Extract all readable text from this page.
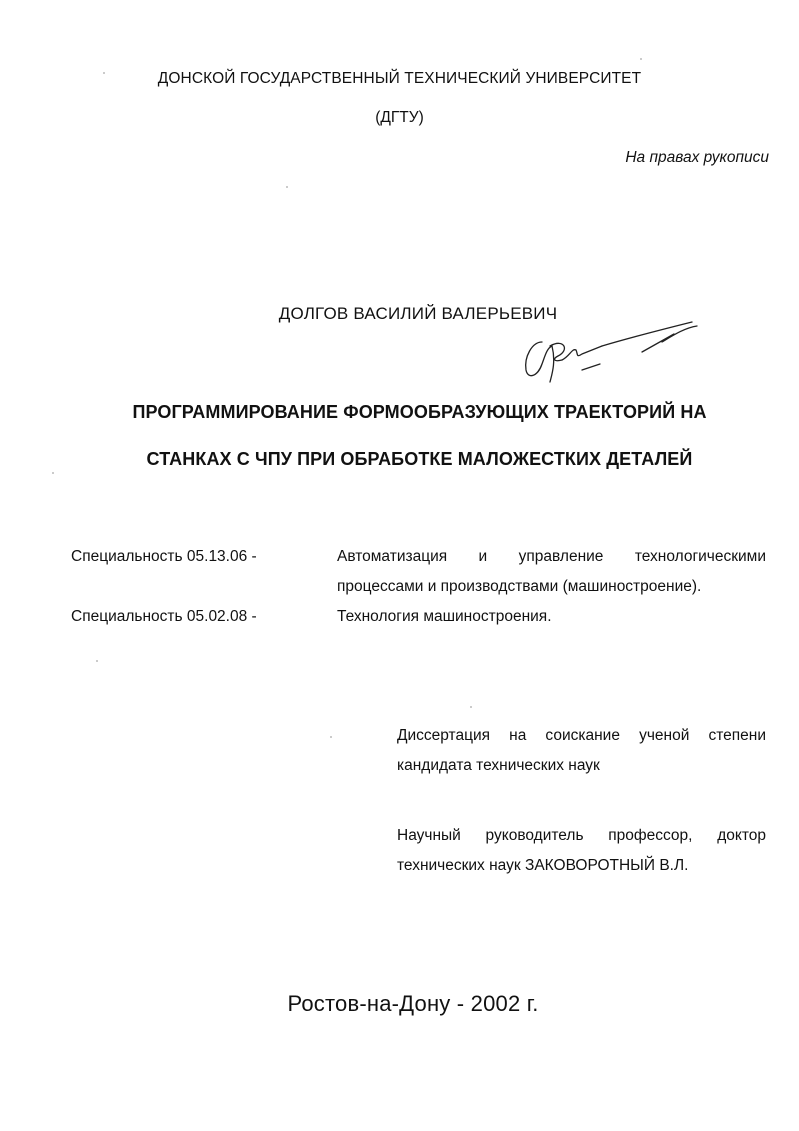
ДОНСКОЙ ГОСУДАРСТВЕННЫЙ ТЕХНИЧЕСКИЙ УНИВЕРСИТЕТ
(ДГТУ)
На правах рукописи
ДОЛГОВ ВАСИЛИЙ ВАЛЕРЬЕВИЧ
ПРОГРАММИРОВАНИЕ ФОРМООБРАЗУЮЩИХ ТРАЕКТОРИЙ НА
СТАНКАХ С ЧПУ ПРИ ОБРАБОТКЕ МАЛОЖЕСТКИХ ДЕТАЛЕЙ
Специальность 05.13.06 -	Автоматизация и управление технологическими
процессами и производствами (машиностроение).
Специальность 05.02.08 -	Технология машиностроения.
Диссертация на соискание ученой степени
кандидата технических наук
Научный руководитель профессор, доктор
технических наук ЗАКОВОРОТНЫЙ В.Л.
Ростов-на-Дону - 2002 г.
